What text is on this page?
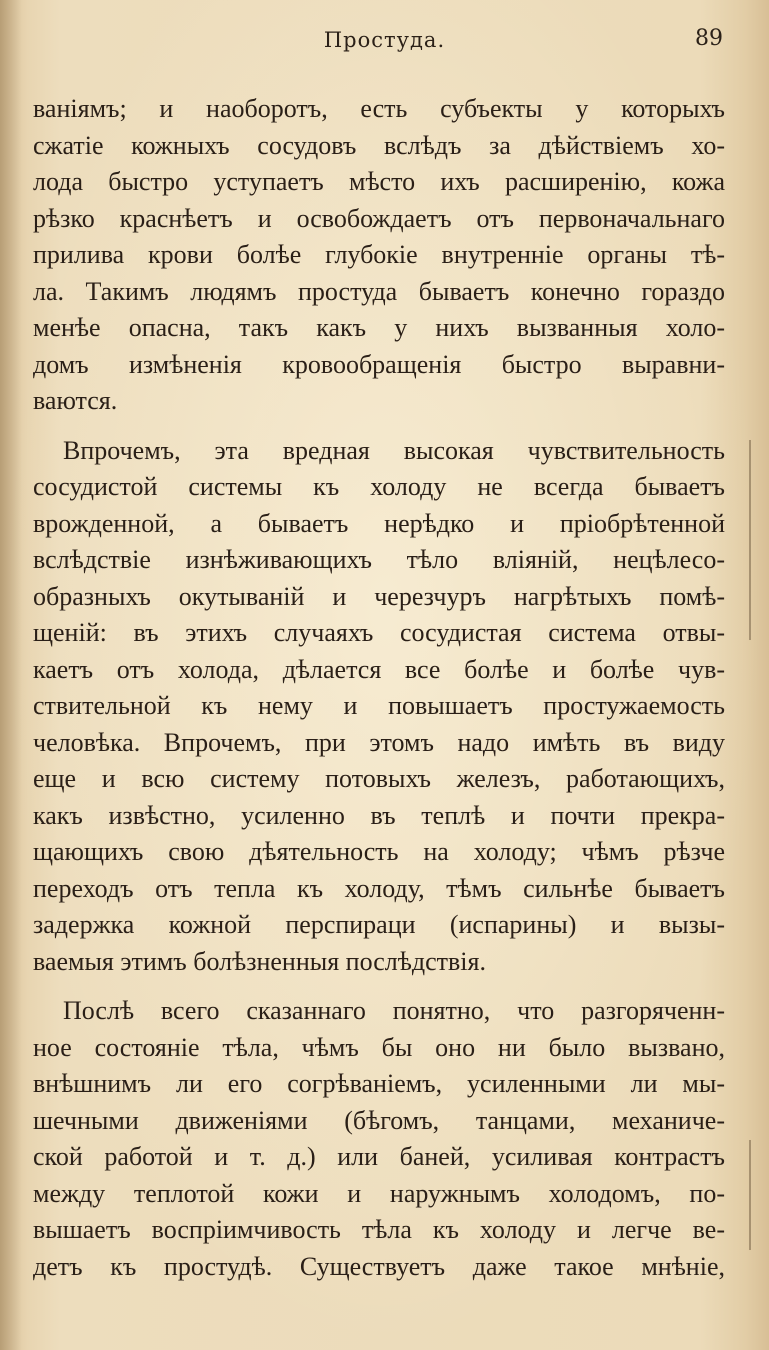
Простуда.	89
ваніямъ; и наоборотъ, есть субъекты у которыхъ
сжатіе кожныхъ сосудовъ вслѣдъ за дѣйствіемъ хо-
лода быстро уступаетъ мѣсто ихъ расширенію, кожа
рѣзко краснѣетъ и освобождаетъ отъ первоначальнаго
прилива крови болѣе глубокіе внутренніе органы тѣ-
ла. Такимъ людямъ простуда бываетъ конечно гораздо
менѣе опасна, такъ какъ у нихъ вызванныя холо-
домъ измѣненія кровообращенія быстро выравни-
ваются.
Впрочемъ, эта вредная высокая чувствительность
сосудистой системы къ холоду не всегда бываетъ
врожденной, а бываетъ нерѣдко и пріобрѣтенной
вслѣдствіе изнѣживающихъ тѣло вліяній, нецѣлесо-
образныхъ окутываній и черезчуръ нагрѣтыхъ помѣ-
щеній: въ этихъ случаяхъ сосудистая система отвы-
каетъ отъ холода, дѣлается все болѣе и болѣе чув-
ствительной къ нему и повышаетъ простужаемость
человѣка. Впрочемъ, при этомъ надо имѣть въ виду
еще и всю систему потовыхъ железъ, работающихъ,
какъ извѣстно, усиленно въ теплѣ и почти прекра-
щающихъ свою дѣятельность на холоду; чѣмъ рѣзче
переходъ отъ тепла къ холоду, тѣмъ сильнѣе бываетъ
задержка кожной перспираци (испарины) и вызы-
ваемыя этимъ болѣзненныя послѣдствія.
Послѣ всего сказаннаго понятно, что разгоряченн-
ное состояніе тѣла, чѣмъ бы оно ни было вызвано,
внѣшнимъ ли его согрѣваніемъ, усиленными ли мы-
шечными движеніями (бѣгомъ, танцами, механиче-
ской работой и т. д.) или баней, усиливая контрастъ
между теплотой кожи и наружнымъ холодомъ, по-
вышаетъ воспріимчивость тѣла къ холоду и легче ве-
детъ къ простудѣ. Существуетъ даже такое мнѣніе,
